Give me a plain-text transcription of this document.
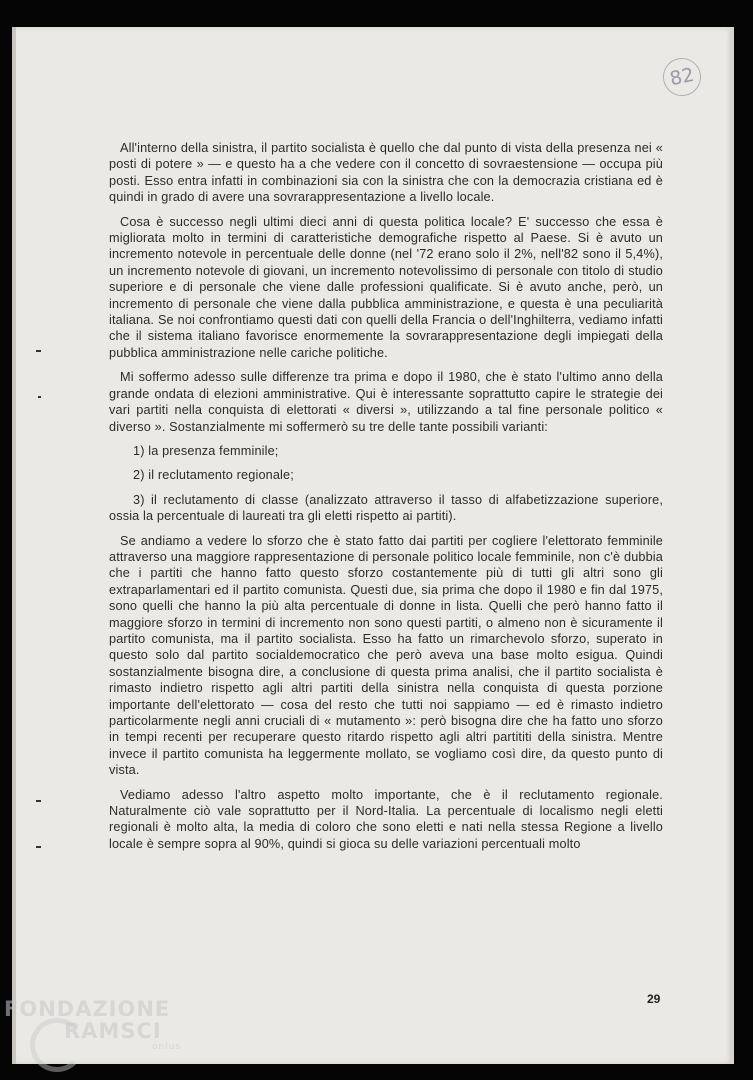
82

All'interno della sinistra, il partito socialista è quello che dal punto di vista della presenza nei « posti di potere » — e questo ha a che vedere con il concetto di sovraestensione — occupa più posti. Esso entra infatti in combinazioni sia con la sinistra che con la democrazia cristiana ed è quindi in grado di avere una sovrarappresentazione a livello locale.

Cosa è successo negli ultimi dieci anni di questa politica locale? E' successo che essa è migliorata molto in termini di caratteristiche demografiche rispetto al Paese. Si è avuto un incremento notevole in percentuale delle donne (nel '72 erano solo il 2%, nell'82 sono il 5,4%), un incremento notevole di giovani, un incremento notevolissimo di personale con titolo di studio superiore e di personale che viene dalle professioni qualificate. Si è avuto anche, però, un incremento di personale che viene dalla pubblica amministrazione, e questa è una peculiarità italiana. Se noi confrontiamo questi dati con quelli della Francia o dell'Inghilterra, vediamo infatti che il sistema italiano favorisce enormemente la sovrarappresentazione degli impiegati della pubblica amministrazione nelle cariche politiche.

Mi soffermo adesso sulle differenze tra prima e dopo il 1980, che è stato l'ultimo anno della grande ondata di elezioni amministrative. Qui è interessante soprattutto capire le strategie dei vari partiti nella conquista di elettorati « diversi », utilizzando a tal fine personale politico « diverso ». Sostanzialmente mi soffermerò su tre delle tante possibili varianti:

1) la presenza femminile;

2) il reclutamento regionale;

3) il reclutamento di classe (analizzato attraverso il tasso di alfabetizzazione superiore, ossia la percentuale di laureati tra gli eletti rispetto ai partiti).

Se andiamo a vedere lo sforzo che è stato fatto dai partiti per cogliere l'elettorato femminile attraverso una maggiore rappresentazione di personale politico locale femminile, non c'è dubbia che i partiti che hanno fatto questo sforzo costantemente più di tutti gli altri sono gli extraparlamentari ed il partito comunista. Questi due, sia prima che dopo il 1980 e fin dal 1975, sono quelli che hanno la più alta percentuale di donne in lista. Quelli che però hanno fatto il maggiore sforzo in termini di incremento non sono questi partiti, o almeno non è sicuramente il partito comunista, ma il partito socialista. Esso ha fatto un rimarchevolo sforzo, superato in questo solo dal partito socialdemocratico che però aveva una base molto esigua. Quindi sostanzialmente bisogna dire, a conclusione di questa prima analisi, che il partito socialista è rimasto indietro rispetto agli altri partiti della sinistra nella conquista di questa porzione importante dell'elettorato — cosa del resto che tutti noi sappiamo — ed è rimasto indietro particolarmente negli anni cruciali di « mutamento »: però bisogna dire che ha fatto uno sforzo in tempi recenti per recuperare questo ritardo rispetto agli altri partititi della sinistra. Mentre invece il partito comunista ha leggermente mollato, se vogliamo così dire, da questo punto di vista.

Vediamo adesso l'altro aspetto molto importante, che è il reclutamento regionale. Naturalmente ciò vale soprattutto per il Nord-Italia. La percentuale di localismo negli eletti regionali è molto alta, la media di coloro che sono eletti e nati nella stessa Regione a livello locale è sempre sopra al 90%, quindi si gioca su delle variazioni percentuali molto

29
FONDAZIONE
RAMSCI
onlus
